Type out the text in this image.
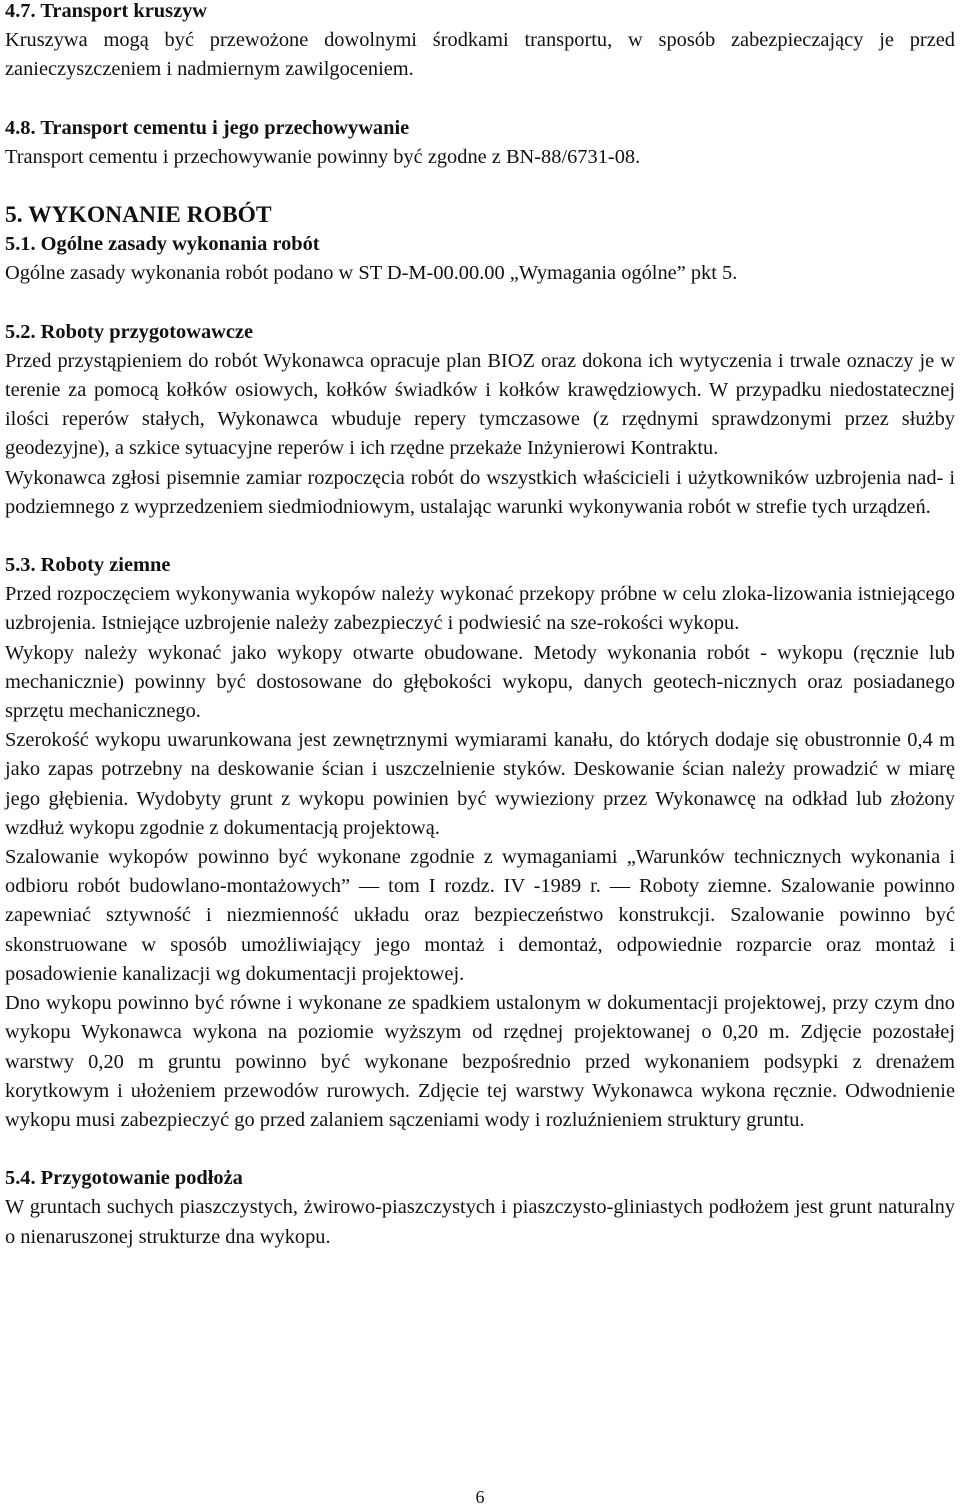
4.7. Transport kruszyw

Kruszywa mogą być przewożone dowolnymi środkami transportu, w sposób zabezpieczający je przed zanieczyszczeniem i nadmiernym zawilgoceniem.

4.8. Transport cementu i jego przechowywanie

Transport cementu i przechowywanie powinny być zgodne z BN-88/6731-08.

5. WYKONANIE ROBÓT
5.1. Ogólne zasady wykonania robót

Ogólne zasady wykonania robót podano w ST D-M-00.00.00 „Wymagania ogólne” pkt 5.

5.2. Roboty przygotowawcze

Przed przystąpieniem do robót Wykonawca opracuje plan BIOZ oraz dokona ich wytyczenia i trwale oznaczy je w terenie za pomocą kołków osiowych, kołków świadków i kołków krawędziowych. W przypadku niedostatecznej ilości reperów stałych, Wykonawca wbuduje repery tymczasowe (z rzędnymi sprawdzonymi przez służby geodezyjne), a szkice sytuacyjne reperów i ich rzędne przekaże Inżynierowi Kontraktu.

Wykonawca zgłosi pisemnie zamiar rozpoczęcia robót do wszystkich właścicieli i użytkowników uzbrojenia nad- i podziemnego z wyprzedzeniem siedmiodniowym, ustalając warunki wykonywania robót w strefie tych urządzeń.

5.3. Roboty ziemne

Przed rozpoczęciem wykonywania wykopów należy wykonać przekopy próbne w celu zloka-lizowania istniejącego uzbrojenia. Istniejące uzbrojenie należy zabezpieczyć i podwiesić na sze-rokości wykopu.

Wykopy należy wykonać jako wykopy otwarte obudowane. Metody wykonania robót - wykopu (ręcznie lub mechanicznie) powinny być dostosowane do głębokości wykopu, danych geotech-nicznych oraz posiadanego sprzętu mechanicznego.

Szerokość wykopu uwarunkowana jest zewnętrznymi wymiarami kanału, do których dodaje się obustronnie 0,4 m jako zapas potrzebny na deskowanie ścian i uszczelnienie styków. Deskowanie ścian należy prowadzić w miarę jego głębienia. Wydobyty grunt z wykopu powinien być wywieziony przez Wykonawcę na odkład lub złożony wzdłuż wykopu zgodnie z dokumentacją projektową.

Szalowanie wykopów powinno być wykonane zgodnie z wymaganiami „Warunków technicznych wykonania i odbioru robót budowlano-montażowych” — tom I rozdz. IV -1989 r. — Roboty ziemne. Szalowanie powinno zapewniać sztywność i niezmienność układu oraz bezpieczeństwo konstrukcji. Szalowanie powinno być skonstruowane w sposób umożliwiający jego montaż i demontaż, odpowiednie rozparcie oraz montaż i posadowienie kanalizacji wg dokumentacji projektowej.

Dno wykopu powinno być równe i wykonane ze spadkiem ustalonym w dokumentacji projektowej, przy czym dno wykopu Wykonawca wykona na poziomie wyższym od rzędnej projektowanej o 0,20 m. Zdjęcie pozostałej warstwy 0,20 m gruntu powinno być wykonane bezpośrednio przed wykonaniem podsypki z drenażem korytkowym i ułożeniem przewodów rurowych. Zdjęcie tej warstwy Wykonawca wykona ręcznie. Odwodnienie wykopu musi zabezpieczyć go przed zalaniem sączeniami wody i rozluźnieniem struktury gruntu.

5.4. Przygotowanie podłoża

W gruntach suchych piaszczystych, żwirowo-piaszczystych i piaszczysto-gliniastych podłożem jest grunt naturalny o nienaruszonej strukturze dna wykopu.

6
